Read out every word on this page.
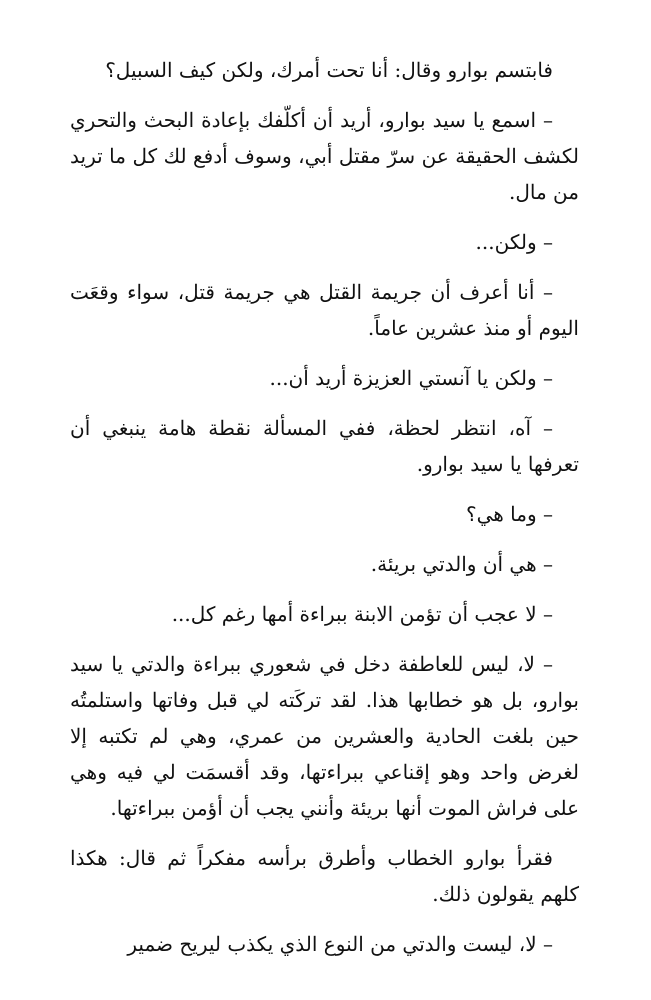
فابتسم بوارو وقال: أنا تحت أمرك، ولكن كيف السبيل؟

– اسمع يا سيد بوارو، أريد أن أكلّفك بإعادة البحث والتحري لكشف الحقيقة عن سرّ مقتل أبي، وسوف أدفع لك كل ما تريد من مال.

– ولكن...

– أنا أعرف أن جريمة القتل هي جريمة قتل، سواء وقعَت اليوم أو منذ عشرين عاماً.

– ولكن يا آنستي العزيزة أريد أن...

– آه، انتظر لحظة، ففي المسألة نقطة هامة ينبغي أن تعرفها يا سيد بوارو.

– وما هي؟

– هي أن والدتي بريئة.

– لا عجب أن تؤمن الابنة ببراءة أمها رغم كل...

– لا، ليس للعاطفة دخل في شعوري ببراءة والدتي يا سيد بوارو، بل هو خطابها هذا. لقد تركَته لي قبل وفاتها واستلمتُه حين بلغت الحادية والعشرين من عمري، وهي لم تكتبه إلا لغرض واحد وهو إقناعي ببراءتها، وقد أقسمَت لي فيه وهي على فراش الموت أنها بريئة وأنني يجب أن أؤمن ببراءتها.

فقرأ بوارو الخطاب وأطرق برأسه مفكراً ثم قال: هكذا كلهم يقولون ذلك.

– لا، ليست والدتي من النوع الذي يكذب ليريح ضمير
